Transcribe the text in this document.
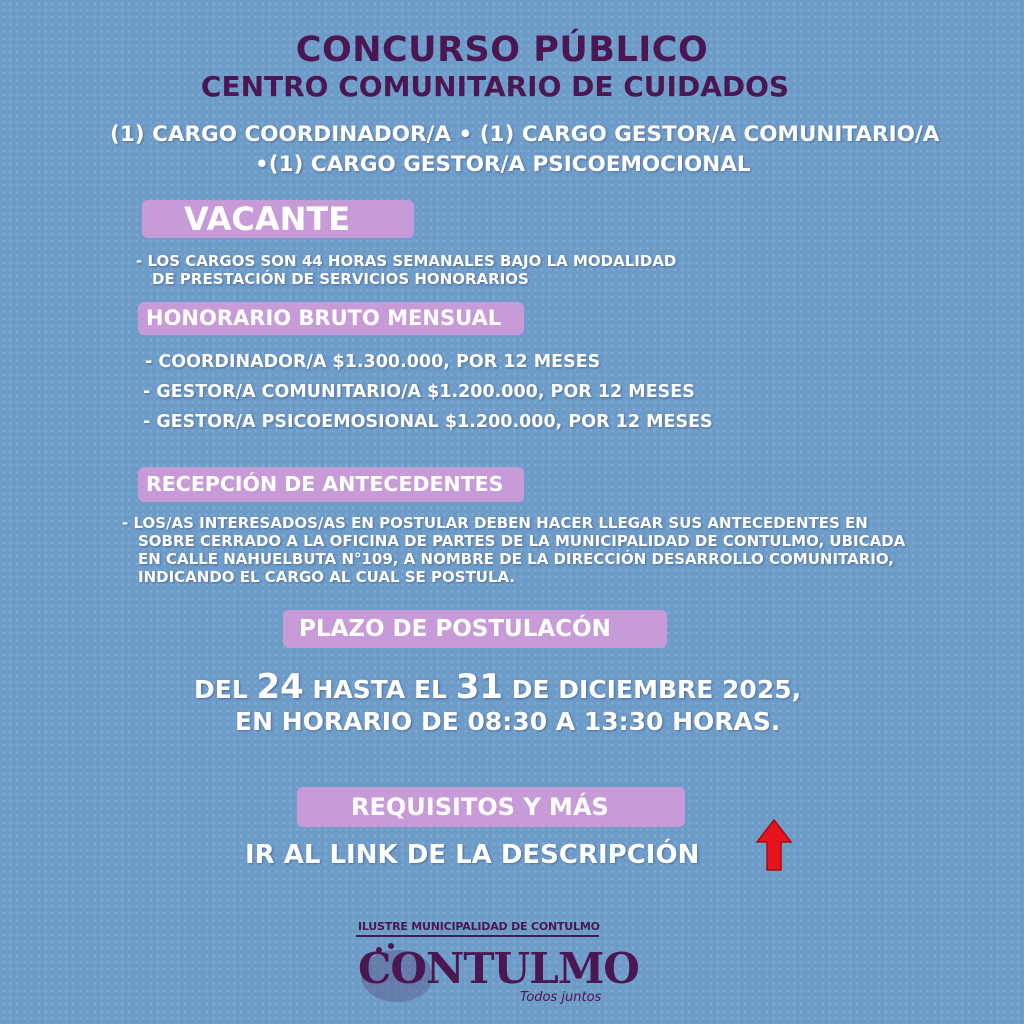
CONCURSO PÚBLICO
CENTRO COMUNITARIO DE CUIDADOS
(1) CARGO COORDINADOR/A • (1) CARGO GESTOR/A COMUNITARIO/A
•(1) CARGO GESTOR/A PSICOEMOCIONAL
VACANTE
- LOS CARGOS SON 44 HORAS SEMANALES BAJO LA MODALIDAD
DE PRESTACIÓN DE SERVICIOS HONORARIOS
HONORARIO BRUTO MENSUAL
- COORDINADOR/A $1.300.000, POR 12 MESES
- GESTOR/A COMUNITARIO/A $1.200.000, POR 12 MESES
- GESTOR/A PSICOEMOSIONAL $1.200.000, POR 12 MESES
RECEPCIÓN DE ANTECEDENTES
- LOS/AS INTERESADOS/AS EN POSTULAR DEBEN HACER LLEGAR SUS ANTECEDENTES EN
SOBRE CERRADO A LA OFICINA DE PARTES DE LA MUNICIPALIDAD DE CONTULMO, UBICADA
EN CALLE NAHUELBUTA N°109, A NOMBRE DE LA DIRECCIÓN DESARROLLO COMUNITARIO,
INDICANDO EL CARGO AL CUAL SE POSTULA.
PLAZO DE POSTULACÓN
DEL 24 HASTA EL 31 DE DICIEMBRE 2025,
EN HORARIO DE 08:30 A 13:30 HORAS.
REQUISITOS Y MÁS
IR AL LINK DE LA DESCRIPCIÓN
ILUSTRE MUNICIPALIDAD DE CONTULMO
CONTULMO
Todos juntos
